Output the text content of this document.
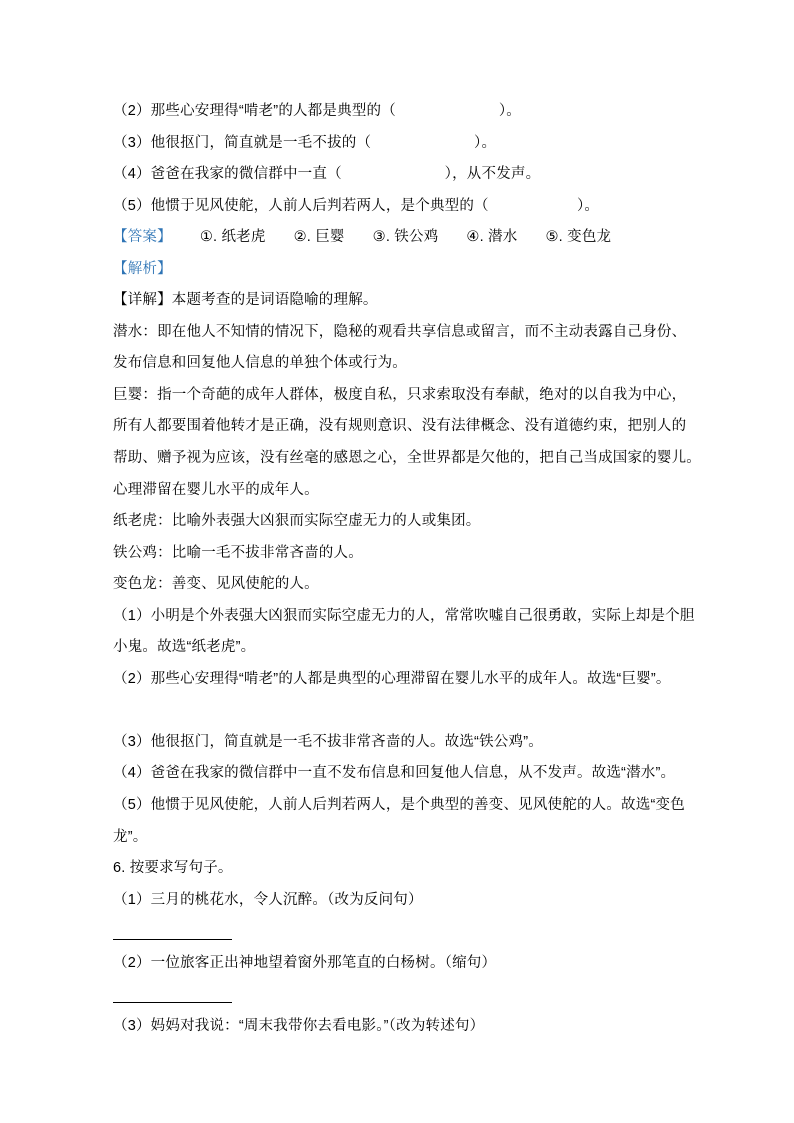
（2）那些心安理得“啃老”的人都是典型的（　　　　　　　）。
（3）他很抠门，简直就是一毛不拔的（　　　　　　　）。
（4）爸爸在我家的微信群中一直（　　　　　　　），从不发声。
（5）他惯于见风使舵，人前人后判若两人，是个典型的（　　　　　　）。
【答案】 ①. 纸老虎 ②. 巨婴 ③. 铁公鸡 ④. 潜水 ⑤. 变色龙
【解析】
【详解】本题考查的是词语隐喻的理解。
潜水：即在他人不知情的情况下，隐秘的观看共享信息或留言，而不主动表露自己身份、
发布信息和回复他人信息的单独个体或行为。
巨婴：指一个奇葩的成年人群体，极度自私，只求索取没有奉献，绝对的以自我为中心，
所有人都要围着他转才是正确，没有规则意识、没有法律概念、没有道德约束，把别人的
帮助、赠予视为应该，没有丝毫的感恩之心，全世界都是欠他的，把自己当成国家的婴儿。
心理滞留在婴儿水平的成年人。
纸老虎：比喻外表强大凶狠而实际空虚无力的人或集团。
铁公鸡：比喻一毛不拔非常吝啬的人。
变色龙：善变、见风使舵的人。
（1）小明是个外表强大凶狠而实际空虚无力的人，常常吹嘘自己很勇敢，实际上却是个胆
小鬼。故选“纸老虎”。
（2）那些心安理得“啃老”的人都是典型的心理滞留在婴儿水平的成年人。故选“巨婴”。
（3）他很抠门，简直就是一毛不拔非常吝啬的人。故选“铁公鸡”。
（4）爸爸在我家的微信群中一直不发布信息和回复他人信息，从不发声。故选“潜水”。
（5）他惯于见风使舵，人前人后判若两人，是个典型的善变、见风使舵的人。故选“变色
龙”。
6. 按要求写句子。
（1）三月的桃花水，令人沉醉。（改为反问句）
（2）一位旅客正出神地望着窗外那笔直的白杨树。（缩句）
（3）妈妈对我说：“周末我带你去看电影。”（改为转述句）
